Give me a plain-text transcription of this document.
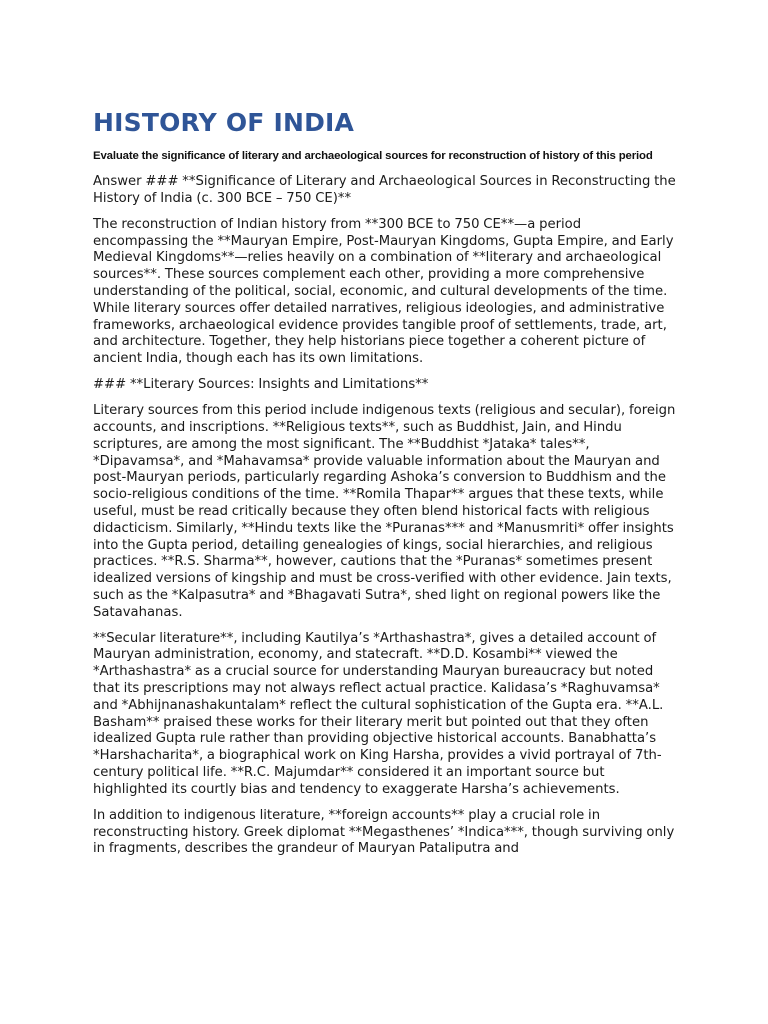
HISTORY OF INDIA

Evaluate the significance of literary and archaeological sources for reconstruction of history of this period

Answer ### **Significance of Literary and Archaeological Sources in Reconstructing the History of India (c. 300 BCE – 750 CE)**

The reconstruction of Indian history from **300 BCE to 750 CE**—a period encompassing the **Mauryan Empire, Post-Mauryan Kingdoms, Gupta Empire, and Early Medieval Kingdoms**—relies heavily on a combination of **literary and archaeological sources**. These sources complement each other, providing a more comprehensive understanding of the political, social, economic, and cultural developments of the time. While literary sources offer detailed narratives, religious ideologies, and administrative frameworks, archaeological evidence provides tangible proof of settlements, trade, art, and architecture. Together, they help historians piece together a coherent picture of ancient India, though each has its own limitations.

### **Literary Sources: Insights and Limitations**

Literary sources from this period include indigenous texts (religious and secular), foreign accounts, and inscriptions. **Religious texts**, such as Buddhist, Jain, and Hindu scriptures, are among the most significant. The **Buddhist *Jataka* tales**, *Dipavamsa*, and *Mahavamsa* provide valuable information about the Mauryan and post-Mauryan periods, particularly regarding Ashoka’s conversion to Buddhism and the socio-religious conditions of the time. **Romila Thapar** argues that these texts, while useful, must be read critically because they often blend historical facts with religious didacticism. Similarly, **Hindu texts like the *Puranas*** and *Manusmriti* offer insights into the Gupta period, detailing genealogies of kings, social hierarchies, and religious practices. **R.S. Sharma**, however, cautions that the *Puranas* sometimes present idealized versions of kingship and must be cross-verified with other evidence. Jain texts, such as the *Kalpasutra* and *Bhagavati Sutra*, shed light on regional powers like the Satavahanas.

**Secular literature**, including Kautilya’s *Arthashastra*, gives a detailed account of Mauryan administration, economy, and statecraft. **D.D. Kosambi** viewed the *Arthashastra* as a crucial source for understanding Mauryan bureaucracy but noted that its prescriptions may not always reflect actual practice. Kalidasa’s *Raghuvamsa* and *Abhijnanashakuntalam* reflect the cultural sophistication of the Gupta era. **A.L. Basham** praised these works for their literary merit but pointed out that they often idealized Gupta rule rather than providing objective historical accounts. Banabhatta’s *Harshacharita*, a biographical work on King Harsha, provides a vivid portrayal of 7th-century political life. **R.C. Majumdar** considered it an important source but highlighted its courtly bias and tendency to exaggerate Harsha’s achievements.

In addition to indigenous literature, **foreign accounts** play a crucial role in reconstructing history. Greek diplomat **Megasthenes’ *Indica***, though surviving only in fragments, describes the grandeur of Mauryan Pataliputra and
